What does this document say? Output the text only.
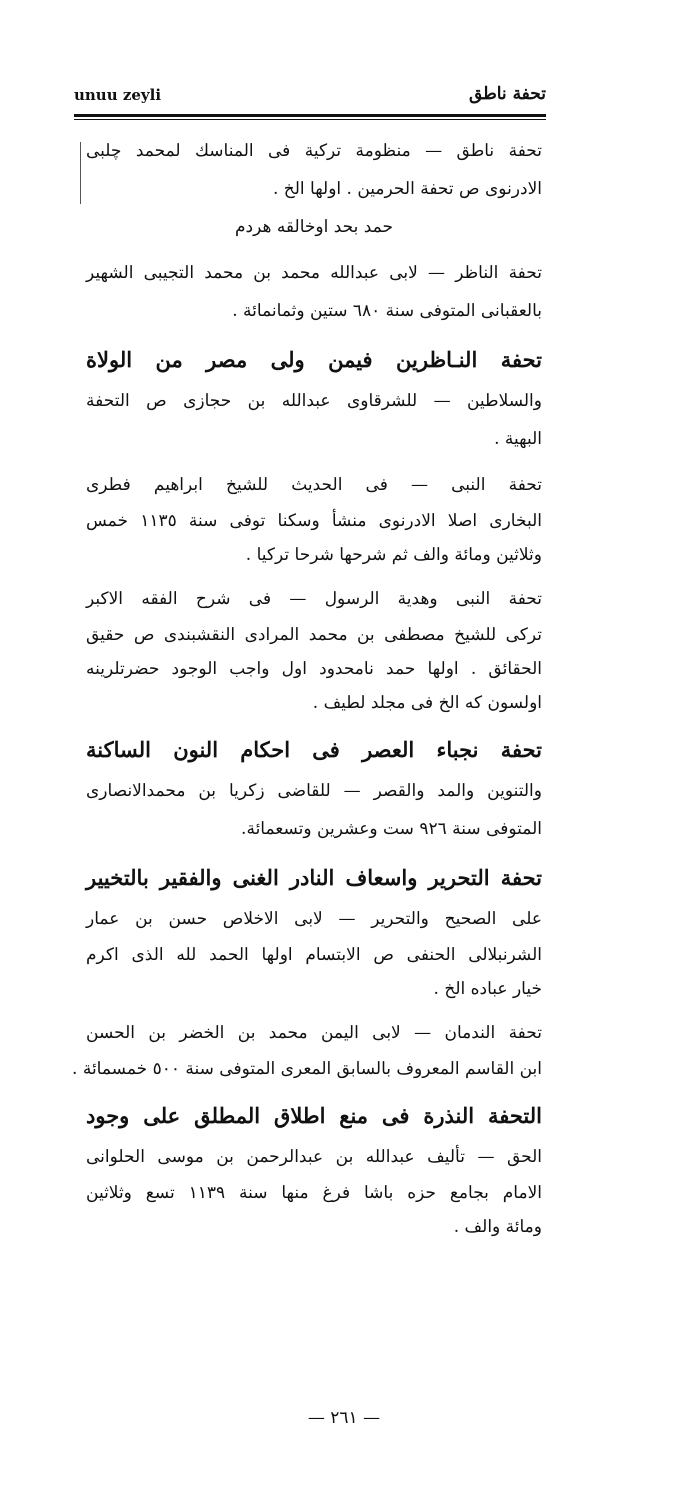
unuu zeyli	تحفة ناطق
تحفة ناطق — منظومة تركية فى المناسك لمحمد چلبى
الادرنوى ص تحفة الحرمين . اولها الخ .
حمد بحد اوخالقه هردم
تحفة الناظر — لابى عبدالله محمد بن محمد التجيبى الشهير
بالعقبانى المتوفى سنة ٦٨٠ ستين وثمانمائة .
تحفة النـاظرين فيمن ولى مصر من الولاة
والسلاطين — للشرقاوى عبدالله بن حجازى ص التحفة
البهية .
تحفة النبى — فى الحديث للشيخ ابراهيم فطرى
البخارى اصلا الادرنوى منشأ وسكنا توفى سنة ١١٣٥ خمس
وثلاثين ومائة والف ثم شرحها شرحا تركيا .
تحفة النبى وهدية الرسول — فى شرح الفقه الاكبر
تركى للشيخ مصطفى بن محمد المرادى النقشبندى ص حقيق
الحقائق . اولها حمد نامحدود اول واجب الوجود حضرتلرينه
اولسون كه الخ فى مجلد لطيف .
تحفة نجباء العصر فى احكام النون الساكنة
والتنوين والمد والقصر — للقاضى زكريا بن محمدالانصارى
المتوفى سنة ٩٢٦ ست وعشرين وتسعمائة.
تحفة التحرير واسعاف النادر الغنى والفقير بالتخيير
على الصحيح والتحرير — لابى الاخلاص حسن بن عمار
الشرنبلالى الحنفى ص الابتسام اولها الحمد لله الذى اكرم
خيار عباده الخ .
تحفة الندمان — لابى اليمن محمد بن الخضر بن الحسن
ابن القاسم المعروف بالسابق المعرى المتوفى سنة ٥٠٠ خمسمائة .
التحفة النذرة فى منع اطلاق المطلق على وجود
الحق — تأليف عبدالله بن عبدالرحمن بن موسى الحلوانى
الامام بجامع حزه باشا فرغ منها سنة ١١٣٩ تسع وثلاثين
ومائة والف .
— ٢٦١ —
